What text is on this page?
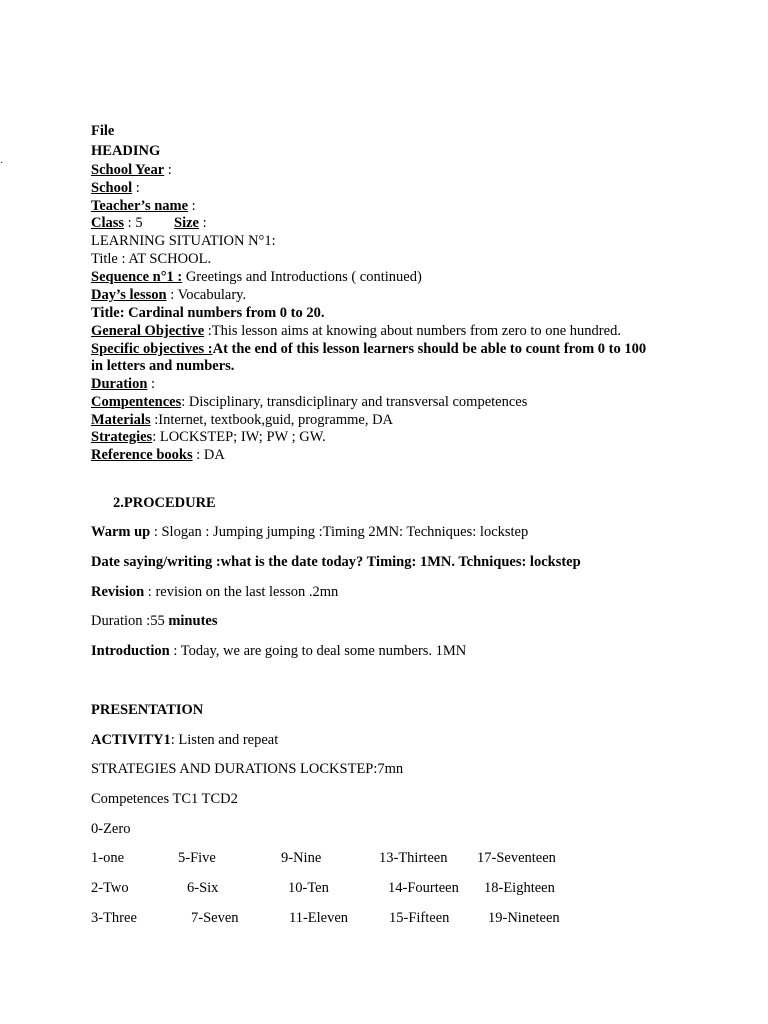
·
File
HEADING
School Year :
School :
Teacher’s name :
Class : 5 Size :
LEARNING SITUATION N°1:
Title : AT SCHOOL.
Sequence n°1 : Greetings and Introductions ( continued)
Day’s lesson : Vocabulary.
Title: Cardinal numbers from 0 to 20.
General Objective :This lesson aims at knowing about numbers from zero to one hundred.
Specific objectives :At the end of this lesson learners should be able to count from 0 to 100
in letters and numbers.
Duration :
Compentences: Disciplinary, transdiciplinary and transversal competences
Materials :Internet, textbook,guid, programme, DA
Strategies: LOCKSTEP; IW; PW ; GW.
Reference books : DA
2.PROCEDURE
Warm up : Slogan : Jumping jumping :Timing 2MN: Techniques: lockstep
Date saying/writing :what is the date today? Timing: 1MN. Tchniques: lockstep
Revision : revision on the last lesson .2mn
Duration :55 minutes
Introduction : Today, we are going to deal some numbers. 1MN
PRESENTATION
ACTIVITY1: Listen and repeat
STRATEGIES AND DURATIONS LOCKSTEP:7mn
Competences TC1 TCD2
0-Zero
1-one	5-Five	9-Nine	13-Thirteen 17-Seventeen
2-Two	6-Six	10-Ten	14-Fourteen 18-Eighteen
3-Three	7-Seven	11-Eleven	15-Fifteen	19-Nineteen
